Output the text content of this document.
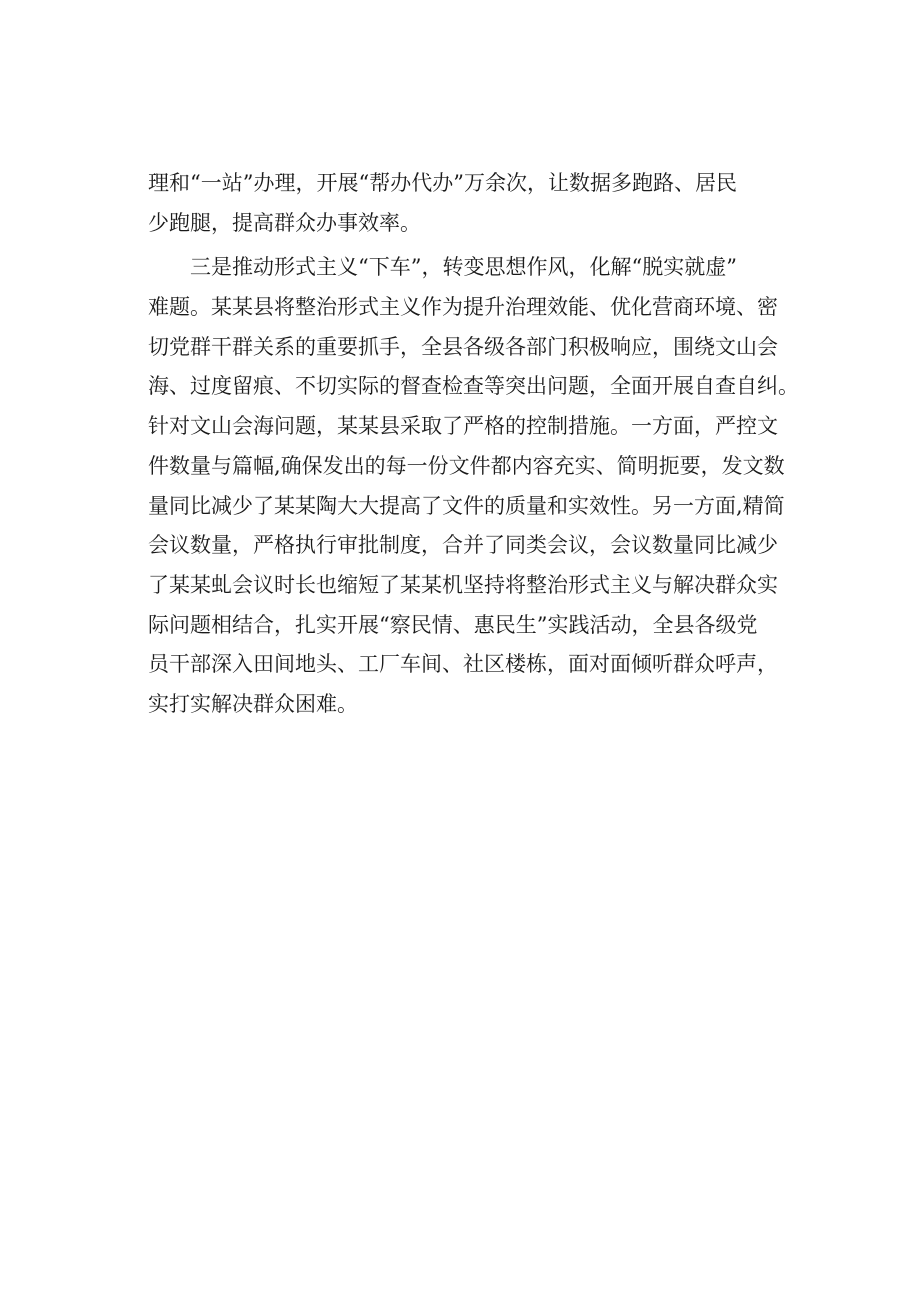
理和“一站”办理，开展“帮办代办”万余次，让数据多跑路、居民
少跑腿，提高群众办事效率。
三是推动形式主义“下车”，转变思想作风，化解“脱实就虚”
难题。某某县将整治形式主义作为提升治理效能、优化营商环境、密
切党群干群关系的重要抓手，全县各级各部门积极响应，围绕文山会
海、过度留痕、不切实际的督查检查等突出问题，全面开展自查自纠。
针对文山会海问题，某某县采取了严格的控制措施。一方面，严控文
件数量与篇幅,确保发出的每一份文件都内容充实、简明扼要，发文数
量同比减少了某某陶大大提高了文件的质量和实效性。另一方面,精简
会议数量，严格执行审批制度，合并了同类会议，会议数量同比减少
了某某虬会议时长也缩短了某某机坚持将整治形式主义与解决群众实
际问题相结合，扎实开展“察民情、惠民生”实践活动，全县各级党
员干部深入田间地头、工厂车间、社区楼栋，面对面倾听群众呼声，
实打实解决群众困难。
